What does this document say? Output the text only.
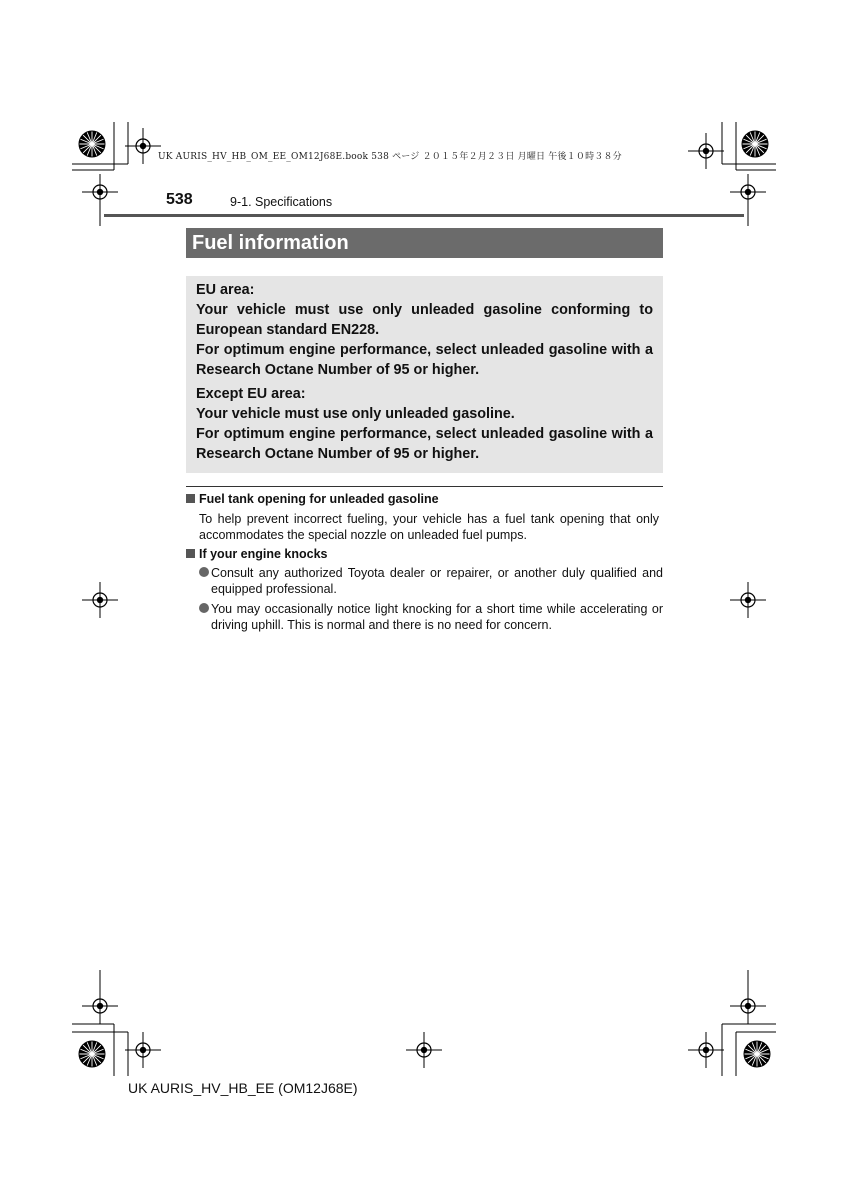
UK AURIS_HV_HB_OM_EE_OM12J68E.book 538 ページ ２０１５年２月２３日 月曜日 午後１０時３８分
538	9-1. Specifications
Fuel information

EU area:

Your vehicle must use only unleaded gasoline conforming to European standard EN228.

For optimum engine performance, select unleaded gasoline with a Research Octane Number of 95 or higher.

Except EU area:

Your vehicle must use only unleaded gasoline.

For optimum engine performance, select unleaded gasoline with a Research Octane Number of 95 or higher.

Fuel tank opening for unleaded gasoline
To help prevent incorrect fueling, your vehicle has a fuel tank opening that only accommodates the special nozzle on unleaded fuel pumps.
If your engine knocks
Consult any authorized Toyota dealer or repairer, or another duly qualified and equipped professional.
You may occasionally notice light knocking for a short time while accelerating or driving uphill. This is normal and there is no need for concern.
UK AURIS_HV_HB_EE (OM12J68E)
